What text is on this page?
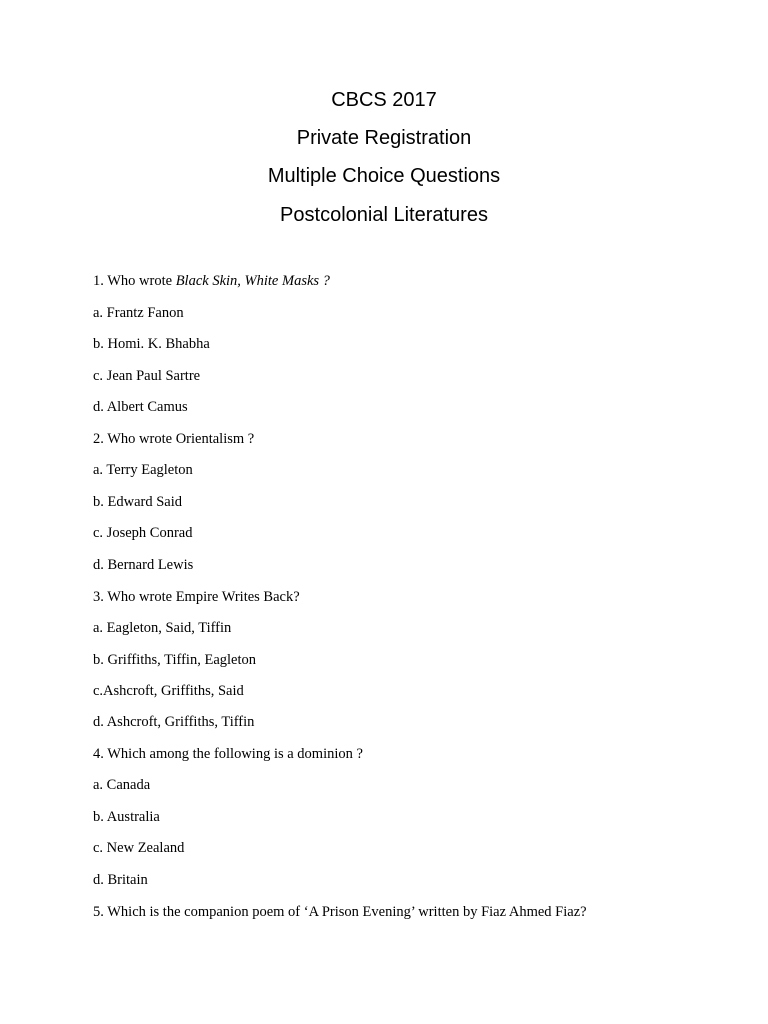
CBCS 2017
Private Registration
Multiple Choice Questions
Postcolonial Literatures
1. Who wrote Black Skin, White Masks ?
a. Frantz Fanon
b. Homi. K. Bhabha
c. Jean Paul Sartre
d. Albert Camus
2. Who wrote Orientalism ?
a. Terry Eagleton
b. Edward Said
c. Joseph Conrad
d. Bernard Lewis
3. Who wrote Empire Writes Back?
a. Eagleton, Said, Tiffin
b. Griffiths, Tiffin, Eagleton
c.Ashcroft, Griffiths, Said
d. Ashcroft, Griffiths, Tiffin
4. Which among the following is a dominion ?
a. Canada
b. Australia
c. New Zealand
d. Britain
5. Which is the companion poem of ‘A Prison Evening’ written by Fiaz Ahmed Fiaz?
